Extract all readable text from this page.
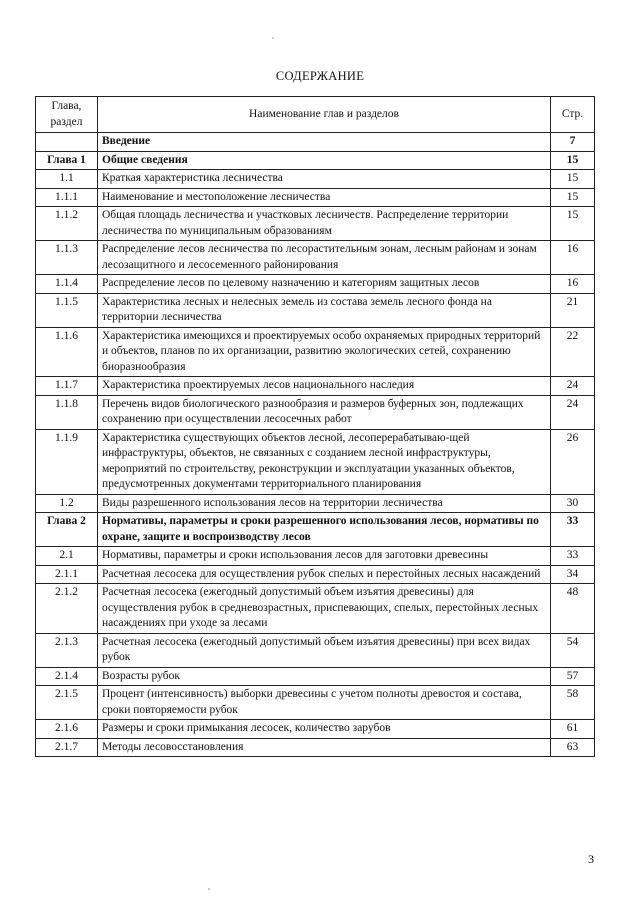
СОДЕРЖАНИЕ
Глава, раздел	Наименование глав и разделов	Стр.
	Введение	7
Глава 1	Общие сведения	15
1.1	Краткая характеристика лесничества	15
1.1.1	Наименование и местоположение лесничества	15
1.1.2	Общая площадь лесничества и участковых лесничеств. Распределение территории лесничества по муниципальным образованиям	15
1.1.3	Распределение лесов лесничества по лесорастительным зонам, лесным районам и зонам лесозащитного и лесосеменного районирования	16
1.1.4	Распределение лесов по целевому назначению и категориям защитных лесов	16
1.1.5	Характеристика лесных и нелесных земель из состава земель лесного фонда на территории лесничества	21
1.1.6	Характеристика имеющихся и проектируемых особо охраняемых природных территорий и объектов, планов по их организации, развитию экологических сетей, сохранению биоразнообразия	22
1.1.7	Характеристика проектируемых лесов национального наследия	24
1.1.8	Перечень видов биологического разнообразия и размеров буферных зон, подлежащих сохранению при осуществлении лесосечных работ	24
1.1.9	Характеристика существующих объектов лесной, лесоперерабатываю-щей инфраструктуры, объектов, не связанных с созданием лесной инфраструктуры, мероприятий по строительству, реконструкции и эксплуатации указанных объектов, предусмотренных документами территориального планирования	26
1.2	Виды разрешенного использования лесов на территории лесничества	30
Глава 2	Нормативы, параметры и сроки разрешенного использования лесов, нормативы по охране, защите и воспроизводству лесов	33
2.1	Нормативы, параметры и сроки использования лесов для заготовки древесины	33
2.1.1	Расчетная лесосека для осуществления рубок спелых и перестойных лесных насаждений	34
2.1.2	Расчетная лесосека (ежегодный допустимый объем изъятия древесины) для осуществления рубок в средневозрастных, приспевающих, спелых, перестойных лесных насаждениях при уходе за лесами	48
2.1.3	Расчетная лесосека (ежегодный допустимый объем изъятия древесины) при всех видах рубок	54
2.1.4	Возрасты рубок	57
2.1.5	Процент (интенсивность) выборки древесины с учетом полноты древостоя и состава, сроки повторяемости рубок	58
2.1.6	Размеры и сроки примыкания лесосек, количество зарубов	61
2.1.7	Методы лесовосстановления	63
3
